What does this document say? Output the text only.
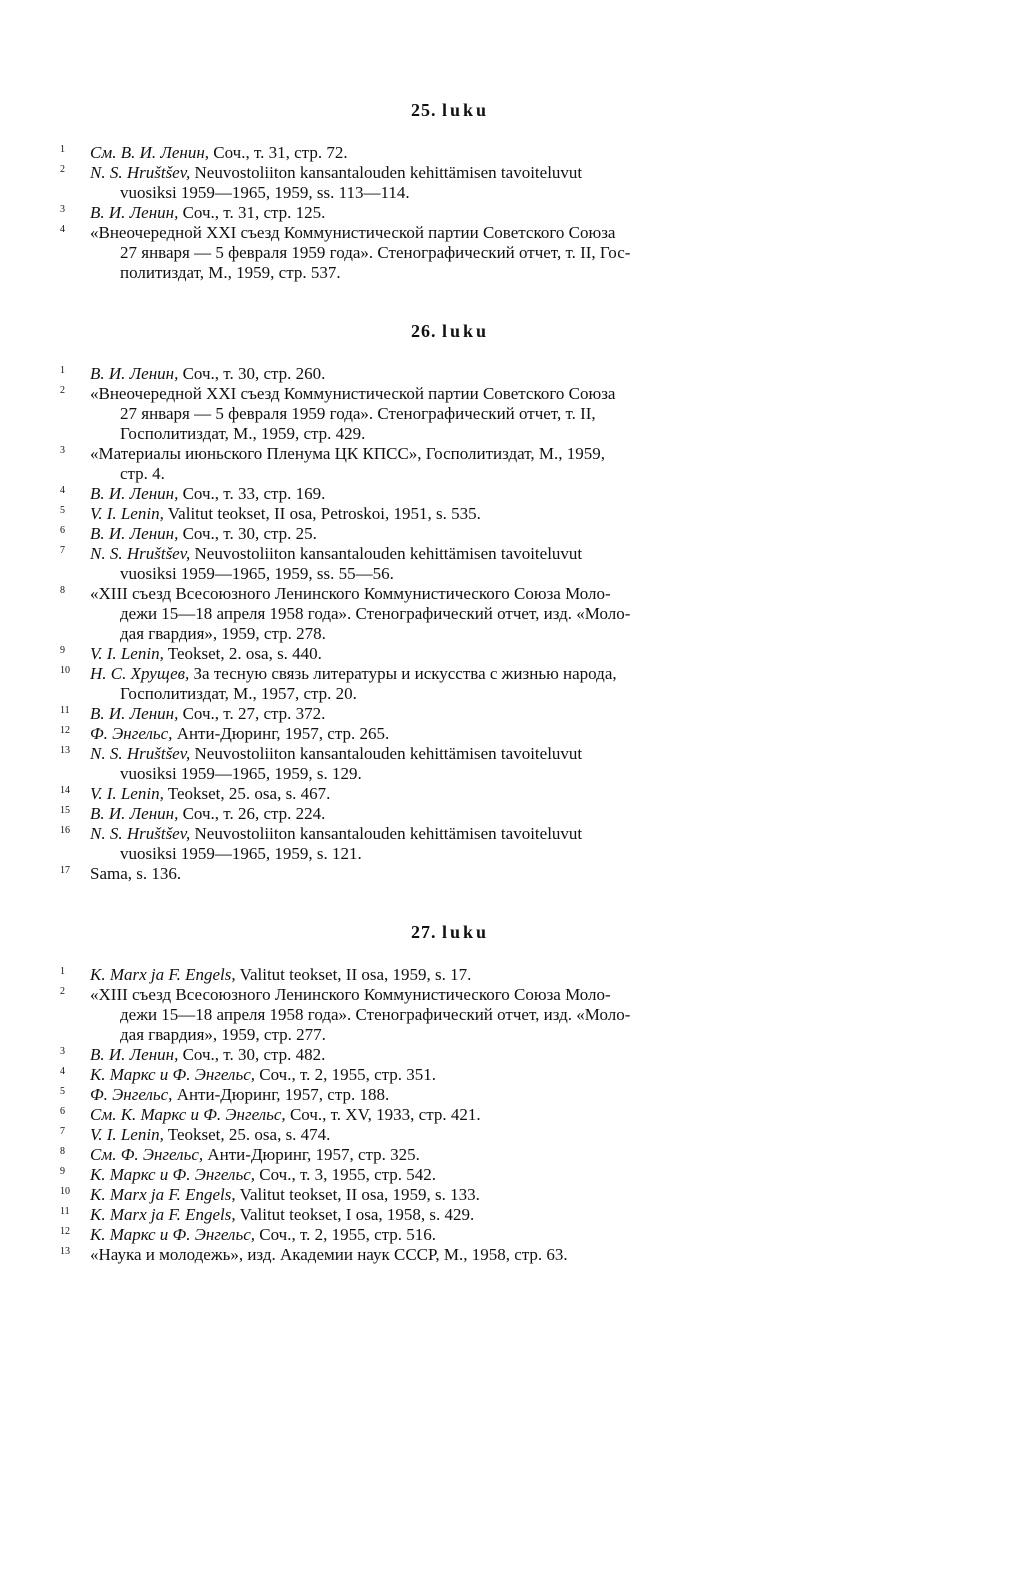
25. luku
1	См. В. И. Ленин, Соч., т. 31, стр. 72.
2	N. S. Hruštšev, Neuvostoliiton kansantalouden kehittämisen tavoiteluvut
vuosiksi 1959—1965, 1959, ss. 113—114.
3	В. И. Ленин, Соч., т. 31, стр. 125.
4	«Внеочередной XXI съезд Коммунистической партии Советского Союза
27 января — 5 февраля 1959 года». Стенографический отчет, т. II, Гос-
политиздат, М., 1959, стр. 537.
26. luku
1	В. И. Ленин, Соч., т. 30, стр. 260.
2	«Внеочередной XXI съезд Коммунистической партии Советского Союза
27 января — 5 февраля 1959 года». Стенографический отчет, т. II,
Госполитиздат, М., 1959, стр. 429.
3	«Материалы июньского Пленума ЦК КПСС», Госполитиздат, М., 1959,
стр. 4.
4	В. И. Ленин, Соч., т. 33, стр. 169.
5	V. I. Lenin, Valitut teokset, II osa, Petroskoi, 1951, s. 535.
6	В. И. Ленин, Соч., т. 30, стр. 25.
7	N. S. Hruštšev, Neuvostoliiton kansantalouden kehittämisen tavoiteluvut
vuosiksi 1959—1965, 1959, ss. 55—56.
8	«XIII съезд Всесоюзного Ленинского Коммунистического Союза Моло-
дежи 15—18 апреля 1958 года». Стенографический отчет, изд. «Моло-
дая гвардия», 1959, стр. 278.
9	V. I. Lenin, Teokset, 2. osa, s. 440.
10	Н. С. Хрущев, За тесную связь литературы и искусства с жизнью народа,
Госполитиздат, М., 1957, стр. 20.
11	В. И. Ленин, Соч., т. 27, стр. 372.
12	Ф. Энгельс, Анти-Дюринг, 1957, стр. 265.
13	N. S. Hruštšev, Neuvostoliiton kansantalouden kehittämisen tavoiteluvut
vuosiksi 1959—1965, 1959, s. 129.
14	V. I. Lenin, Teokset, 25. osa, s. 467.
15	В. И. Ленин, Соч., т. 26, стр. 224.
16	N. S. Hruštšev, Neuvostoliiton kansantalouden kehittämisen tavoiteluvut
vuosiksi 1959—1965, 1959, s. 121.
17	Sama, s. 136.
27. luku
1	K. Marx ja F. Engels, Valitut teokset, II osa, 1959, s. 17.
2	«XIII съезд Всесоюзного Ленинского Коммунистического Союза Моло-
дежи 15—18 апреля 1958 года». Стенографический отчет, изд. «Моло-
дая гвардия», 1959, стр. 277.
3	В. И. Ленин, Соч., т. 30, стр. 482.
4	К. Маркс и Ф. Энгельс, Соч., т. 2, 1955, стр. 351.
5	Ф. Энгельс, Анти-Дюринг, 1957, стр. 188.
6	См. К. Маркс и Ф. Энгельс, Соч., т. XV, 1933, стр. 421.
7	V. I. Lenin, Teokset, 25. osa, s. 474.
8	См. Ф. Энгельс, Анти-Дюринг, 1957, стр. 325.
9	К. Маркс и Ф. Энгельс, Соч., т. 3, 1955, стр. 542.
10	K. Marx ja F. Engels, Valitut teokset, II osa, 1959, s. 133.
11	K. Marx ja F. Engels, Valitut teokset, I osa, 1958, s. 429.
12	К. Маркс и Ф. Энгельс, Соч., т. 2, 1955, стр. 516.
13	«Наука и молодежь», изд. Академии наук СССР, М., 1958, стр. 63.
